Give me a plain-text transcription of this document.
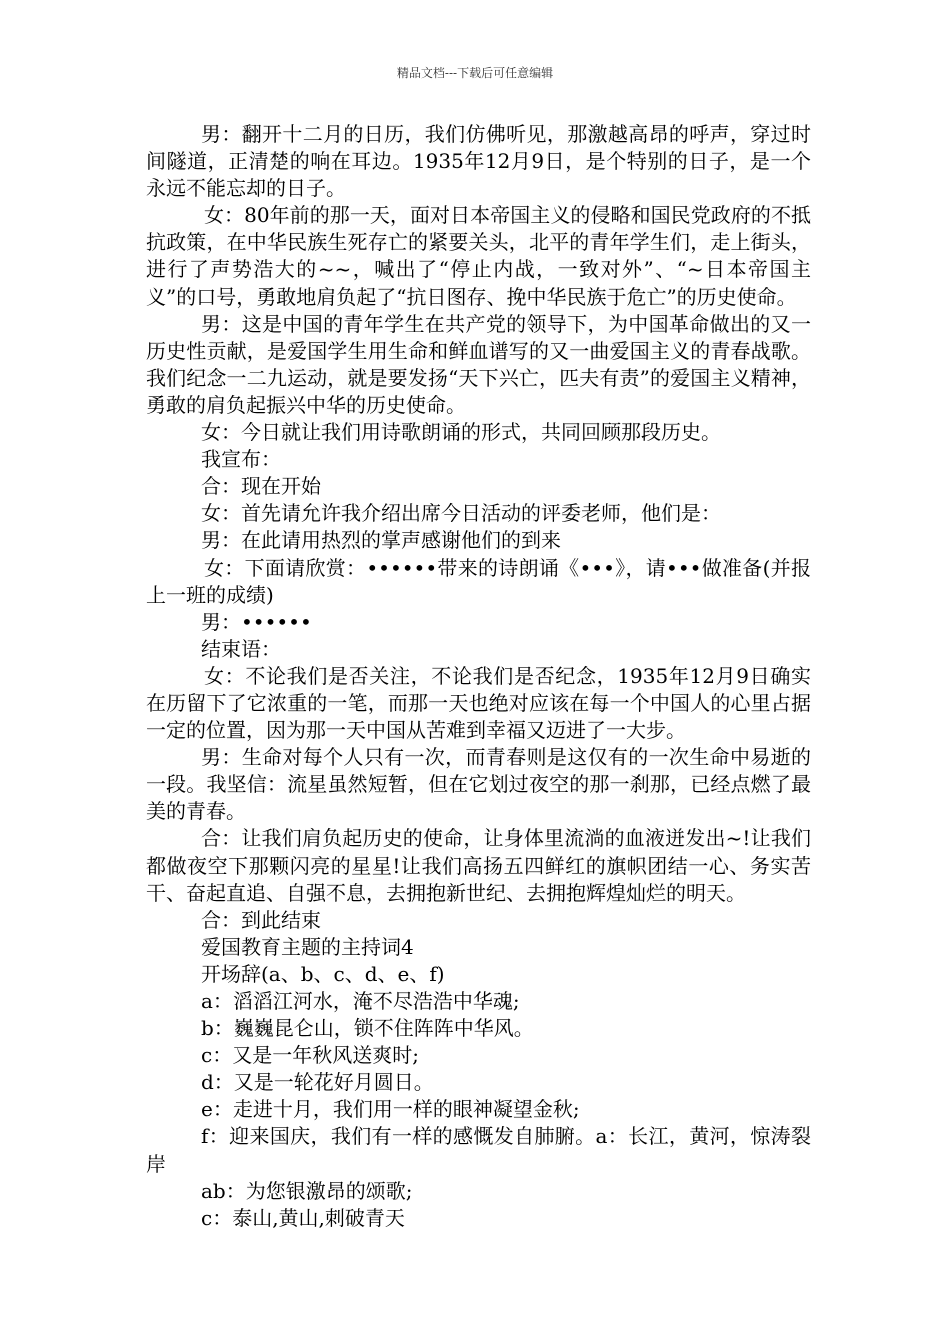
精品文档---下载后可任意编辑

男：翻开十二月的日历，我们仿佛听见，那激越高昂的呼声，穿过时间隧道，正清楚的响在耳边。1935年12月9日，是个特别的日子，是一个永远不能忘却的日子。

女：80年前的那一天，面对日本帝国主义的侵略和国民党政府的不抵抗政策，在中华民族生死存亡的紧要关头，北平的青年学生们，走上街头，进行了声势浩大的~~，喊出了“停止内战，一致对外”、“~日本帝国主义”的口号，勇敢地肩负起了“抗日图存、挽中华民族于危亡”的历史使命。

男：这是中国的青年学生在共产党的领导下，为中国革命做出的又一历史性贡献，是爱国学生用生命和鲜血谱写的又一曲爱国主义的青春战歌。我们纪念一二九运动，就是要发扬“天下兴亡，匹夫有责”的爱国主义精神，勇敢的肩负起振兴中华的历史使命。

女：今日就让我们用诗歌朗诵的形式，共同回顾那段历史。

我宣布：

合：现在开始

女：首先请允许我介绍出席今日活动的评委老师，他们是：

男：在此请用热烈的掌声感谢他们的到来

女：下面请欣赏：••••••带来的诗朗诵《•••》，请•••做准备(并报上一班的成绩)

男：••••••

结束语：

女：不论我们是否关注，不论我们是否纪念，1935年12月9日确实在历留下了它浓重的一笔，而那一天也绝对应该在每一个中国人的心里占据一定的位置，因为那一天中国从苦难到幸福又迈进了一大步。

男：生命对每个人只有一次，而青春则是这仅有的一次生命中易逝的一段。我坚信：流星虽然短暂，但在它划过夜空的那一刹那，已经点燃了最美的青春。

合：让我们肩负起历史的使命，让身体里流淌的血液迸发出~!让我们都做夜空下那颗闪亮的星星!让我们高扬五四鲜红的旗帜团结一心、务实苦干、奋起直追、自强不息，去拥抱新世纪、去拥抱辉煌灿烂的明天。

合：到此结束

爱国教育主题的主持词4

开场辞(a、b、c、d、e、f)

a：滔滔江河水，淹不尽浩浩中华魂;

b：巍巍昆仑山，锁不住阵阵中华风。

c：又是一年秋风送爽时;

d：又是一轮花好月圆日。

e：走进十月，我们用一样的眼神凝望金秋;

f：迎来国庆，我们有一样的感慨发自肺腑。a：长江，黄河，惊涛裂岸

ab：为您银激昂的颂歌;

c：泰山,黄山,刺破青天
